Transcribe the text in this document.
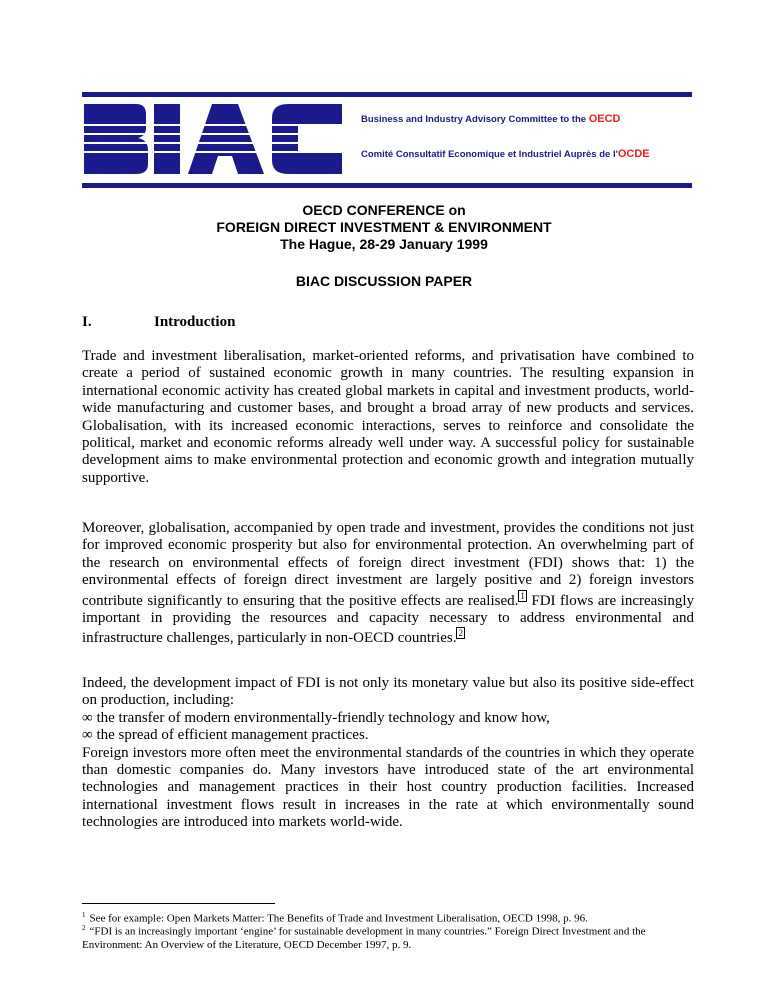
Business and Industry Advisory Committee to the OECD
Comité Consultatif Economique et Industriel Auprès de l'OCDE
OECD CONFERENCE on
FOREIGN DIRECT INVESTMENT & ENVIRONMENT
The Hague, 28-29 January 1999
BIAC DISCUSSION PAPER
I.	Introduction

Trade and investment liberalisation, market-oriented reforms, and privatisation have combined to create a period of sustained economic growth in many countries. The resulting expansion in international economic activity has created global markets in capital and investment products, world-wide manufacturing and customer bases, and brought a broad array of new products and services. Globalisation, with its increased economic interactions, serves to reinforce and consolidate the political, market and economic reforms already well under way. A successful policy for sustainable development aims to make environmental protection and economic growth and integration mutually supportive.

Moreover, globalisation, accompanied by open trade and investment, provides the conditions not just for improved economic prosperity but also for environmental protection. An overwhelming part of the research on environmental effects of foreign direct investment (FDI) shows that: 1) the environmental effects of foreign direct investment are largely positive and 2) foreign investors contribute significantly to ensuring that the positive effects are realised. 1 FDI flows are increasingly important in providing the resources and capacity necessary to address environmental and infrastructure challenges, particularly in non-OECD countries. 2

Indeed, the development impact of FDI is not only its monetary value but also its positive side-effect on production, including:

∞ the transfer of modern environmentally-friendly technology and know how,
∞ the spread of efficient management practices.

Foreign investors more often meet the environmental standards of the countries in which they operate than domestic companies do. Many investors have introduced state of the art environmental technologies and management practices in their host country production facilities. Increased international investment flows result in increases in the rate at which environmentally sound technologies are introduced into markets world-wide.

$^1$ See for example: Open Markets Matter: The Benefits of Trade and Investment Liberalisation, OECD 1998, p. 96.
$^2$ “FDI is an increasingly important ‘engine’ for sustainable development in many countries.” Foreign Direct Investment and the Environment: An Overview of the Literature, OECD December 1997, p. 9.
